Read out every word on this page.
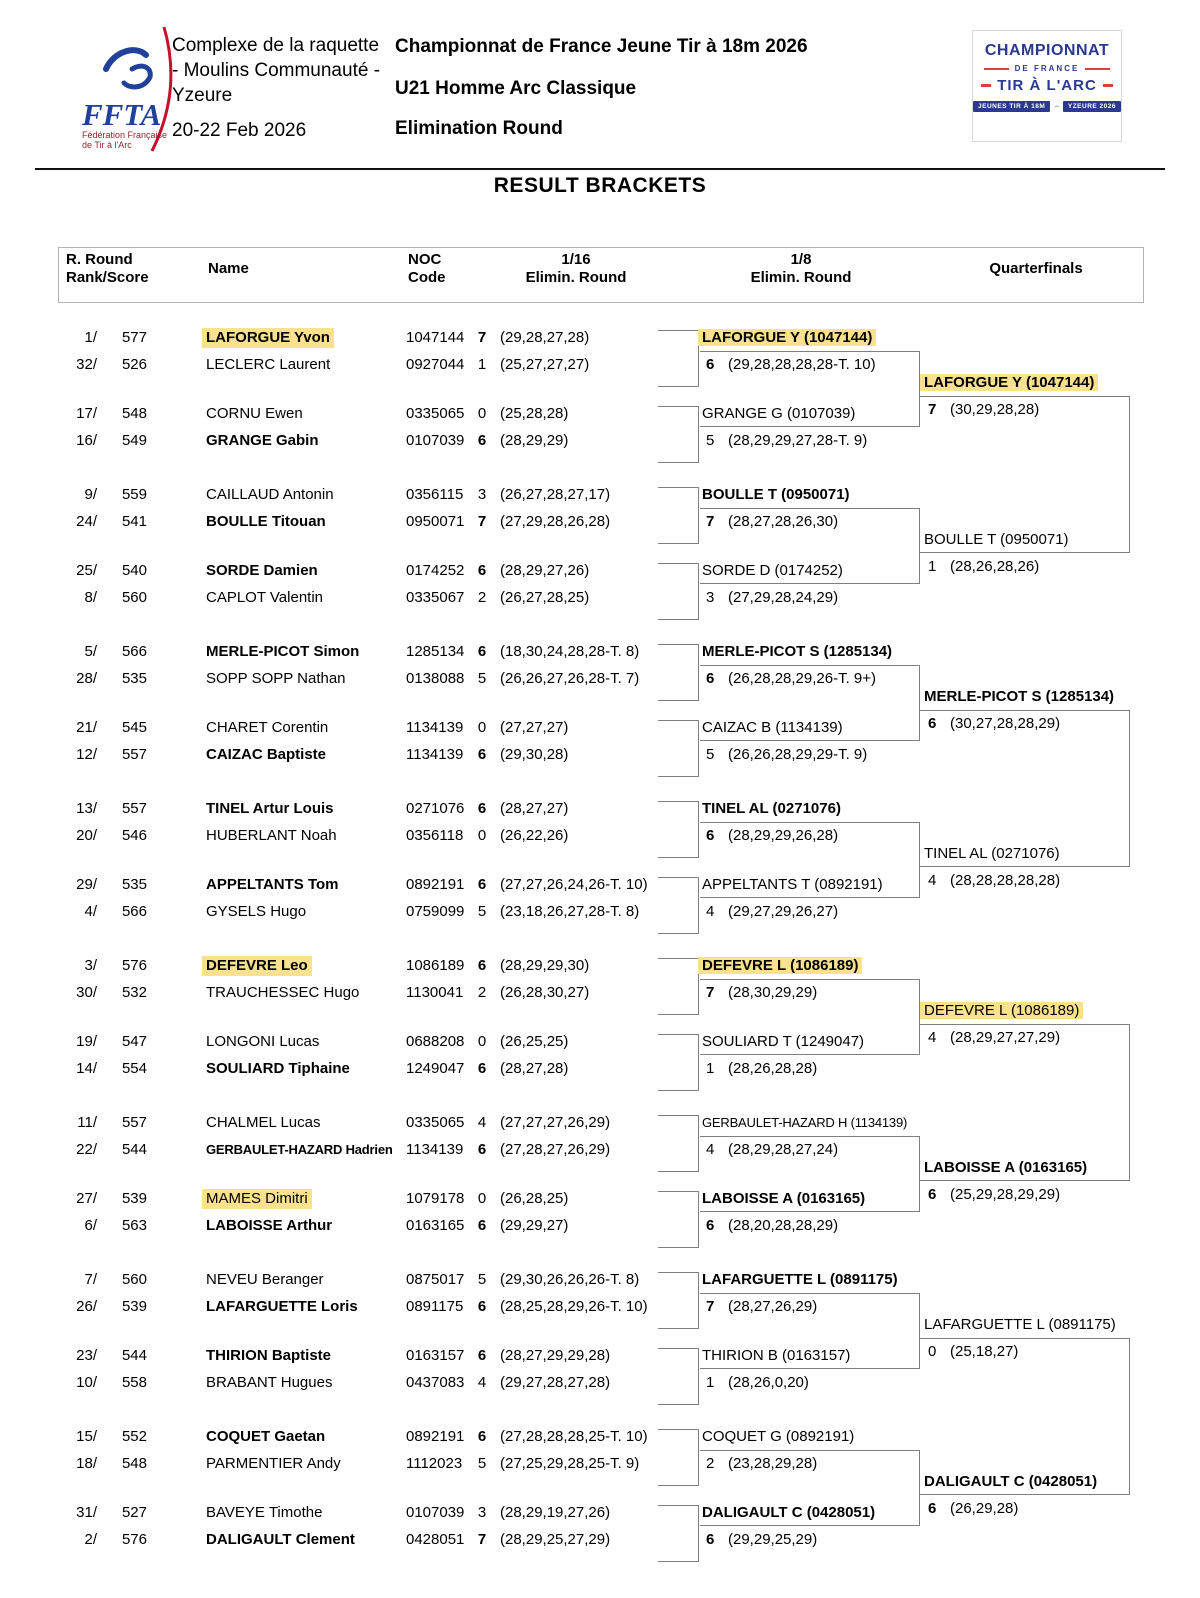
FFTA
Fédération Française
de Tir à l'Arc
Complexe de la raquette
- Moulins Communauté -
Yzeure
20-22 Feb 2026
Championnat de France Jeune Tir à 18m 2026
U21 Homme Arc Classique
Elimination Round
CHAMPIONNAT
DE FRANCE
TIR À L'ARC
JEUNES TIR À 18M	YZEURE 2026
RESULT BRACKETS
R. Round
Rank/Score
Name
NOC
Code
1/16
Elimin. Round
1/8
Elimin. Round
Quarterfinals
1/	577	LAFORGUE Yvon	1047144 7 (29,28,27,28)
32/	526	LECLERC Laurent	0927044 1 (25,27,27,27)
17/	548	CORNU Ewen	0335065 0 (25,28,28)
16/	549	GRANGE Gabin	0107039 6 (28,29,29)
9/	559	CAILLAUD Antonin	0356115 3 (26,27,28,27,17)
24/	541	BOULLE Titouan	0950071 7 (27,29,28,26,28)
25/	540	SORDE Damien	0174252 6 (28,29,27,26)
8/	560	CAPLOT Valentin	0335067 2 (26,27,28,25)
5/	566	MERLE-PICOT Simon	1285134 6 (18,30,24,28,28-T. 8)
28/	535	SOPP SOPP Nathan	0138088 5 (26,26,27,26,28-T. 7)
21/	545	CHARET Corentin	1134139 0 (27,27,27)
12/	557	CAIZAC Baptiste	1134139 6 (29,30,28)
13/	557	TINEL Artur Louis	0271076 6 (28,27,27)
20/	546	HUBERLANT Noah	0356118 0 (26,22,26)
29/	535	APPELTANTS Tom	0892191 6 (27,27,26,24,26-T. 10)
4/	566	GYSELS Hugo	0759099 5 (23,18,26,27,28-T. 8)
3/	576	DEFEVRE Leo	1086189 6 (28,29,29,30)
30/	532	TRAUCHESSEC Hugo	1130041 2 (26,28,30,27)
19/	547	LONGONI Lucas	0688208 0 (26,25,25)
14/	554	SOULIARD Tiphaine	1249047 6 (28,27,28)
11/	557	CHALMEL Lucas	0335065 4 (27,27,27,26,29)
22/	544	GERBAULET-HAZARD Hadrien 1134139 6 (27,28,27,26,29)
27/	539	MAMES Dimitri	1079178 0 (26,28,25)
6/	563	LABOISSE Arthur	0163165 6 (29,29,27)
7/	560	NEVEU Beranger	0875017 5 (29,30,26,26,26-T. 8)
26/	539	LAFARGUETTE Loris	0891175 6 (28,25,28,29,26-T. 10)
23/	544	THIRION Baptiste	0163157 6 (28,27,29,29,28)
10/	558	BRABANT Hugues	0437083 4 (29,27,28,27,28)
15/	552	COQUET Gaetan	0892191 6 (27,28,28,28,25-T. 10)
18/	548	PARMENTIER Andy	1112023	5 (27,25,29,28,25-T. 9)
31/	527	BAVEYE Timothe	0107039 3 (28,29,19,27,26)
2/	576	DALIGAULT Clement	0428051 7 (28,29,25,27,29)
LAFORGUE Y (1047144)
6 (29,28,28,28,28-T. 10)
GRANGE G (0107039)
5 (28,29,29,27,28-T. 9)
BOULLE T (0950071)
7 (28,27,28,26,30)
SORDE D (0174252)
3 (27,29,28,24,29)
MERLE-PICOT S (1285134)
6 (26,28,28,29,26-T. 9+)
CAIZAC B (1134139)
5 (26,26,28,29,29-T. 9)
TINEL AL (0271076)
6 (28,29,29,26,28)
APPELTANTS T (0892191)
4 (29,27,29,26,27)
DEFEVRE L (1086189)
7 (28,30,29,29)
SOULIARD T (1249047)
1 (28,26,28,28)
GERBAULET-HAZARD H (1134139)
4 (28,29,28,27,24)
LABOISSE A (0163165)
6 (28,20,28,28,29)
LAFARGUETTE L (0891175)
7 (28,27,26,29)
THIRION B (0163157)
1 (28,26,0,20)
COQUET G (0892191)
2 (23,28,29,28)
DALIGAULT C (0428051)
6 (29,29,25,29)
LAFORGUE Y (1047144)
7 (30,29,28,28)
BOULLE T (0950071)
1 (28,26,28,26)
MERLE-PICOT S (1285134)
6 (30,27,28,28,29)
TINEL AL (0271076)
4 (28,28,28,28,28)
DEFEVRE L (1086189)
4 (28,29,27,27,29)
LABOISSE A (0163165)
6 (25,29,28,29,29)
LAFARGUETTE L (0891175)
0 (25,18,27)
DALIGAULT C (0428051)
6 (26,29,28)
